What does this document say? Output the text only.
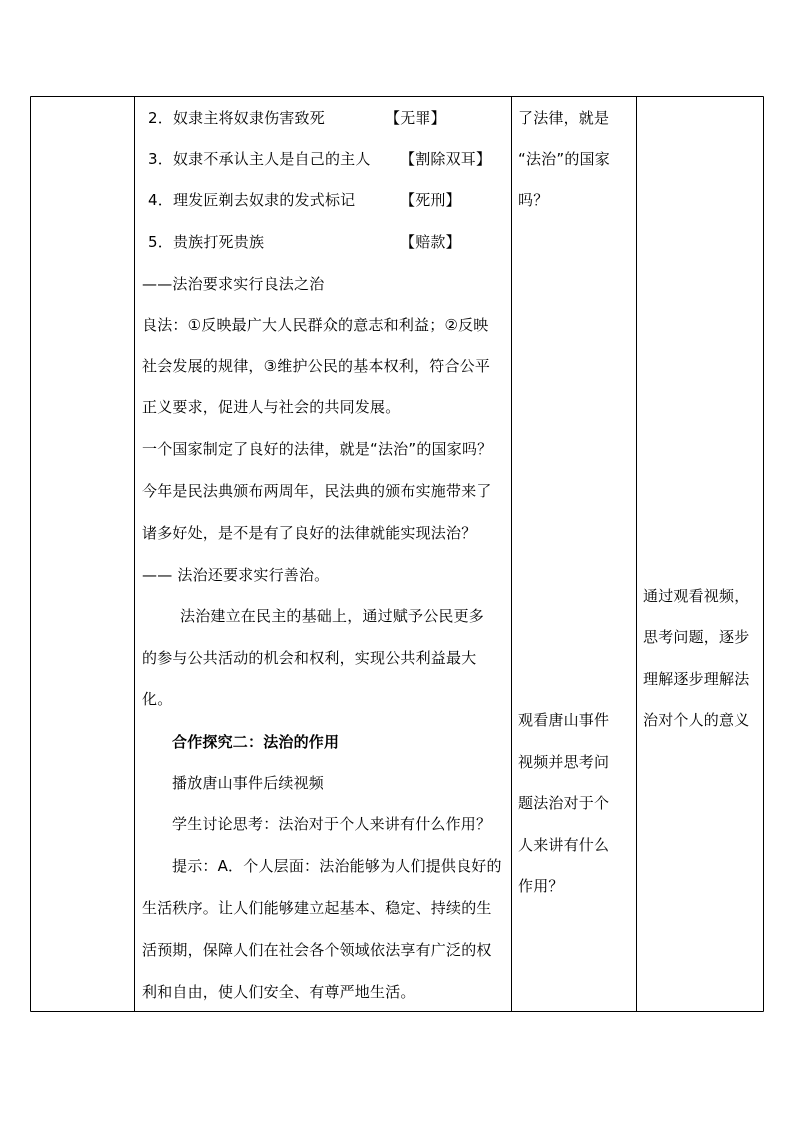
2．奴隶主将奴隶伤害致死	【无罪】
3．奴隶不承认主人是自己的主人 【割除双耳】
4．理发匠剃去奴隶的发式标记	【死刑】
5．贵族打死贵族	【赔款】
——法治要求实行良法之治
良法：①反映最广大人民群众的意志和利益；②反映
社会发展的规律，③维护公民的基本权利，符合公平
正义要求，促进人与社会的共同发展。
一个国家制定了良好的法律，就是“法治”的国家吗？
今年是民法典颁布两周年，民法典的颁布实施带来了
诸多好处，是不是有了良好的法律就能实现法治？
—— 法治还要求实行善治。
法治建立在民主的基础上，通过赋予公民更多
的参与公共活动的机会和权利，实现公共利益最大
化。
合作探究二：法治的作用
播放唐山事件后续视频
学生讨论思考：法治对于个人来讲有什么作用？
提示：A．个人层面：法治能够为人们提供良好的
生活秩序。让人们能够建立起基本、稳定、持续的生
活预期，保障人们在社会各个领域依法享有广泛的权
利和自由，使人们安全、有尊严地生活。
了法律，就是
“法治”的国家
吗？
观看唐山事件
视频并思考问
题法治对于个
人来讲有什么
作用？
通过观看视频，
思考问题，逐步
理解逐步理解法
治对个人的意义
